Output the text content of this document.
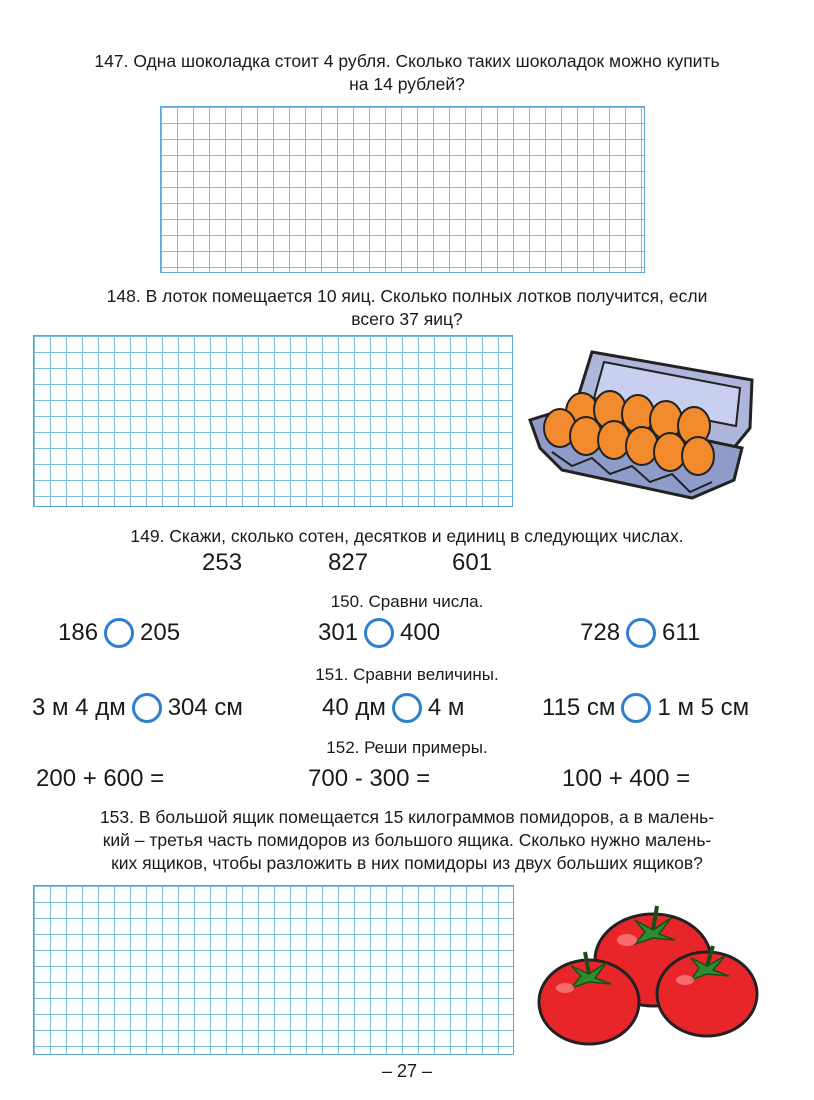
147. Одна шоколадка стоит 4 рубля. Сколько таких шоколадок можно купить
на 14 рублей?
148. В лоток помещается 10 яиц. Сколько полных лотков получится, если
всего 37 яиц?
149. Скажи, сколько сотен, десятков и единиц в следующих числах.
253	827	601
150. Сравни числа.
186 205	301 400	728 611
151. Сравни величины.
3 м 4 дм 304 см	40 дм 4 м	115 см 1 м 5 см
152. Реши примеры.
200 + 600 =	700 - 300 =	100 + 400 =
153. В большой ящик помещается 15 килограммов помидоров, а в малень-
кий – третья часть помидоров из большого ящика. Сколько нужно малень-
ких ящиков, чтобы разложить в них помидоры из двух больших ящиков?
– 27 –
